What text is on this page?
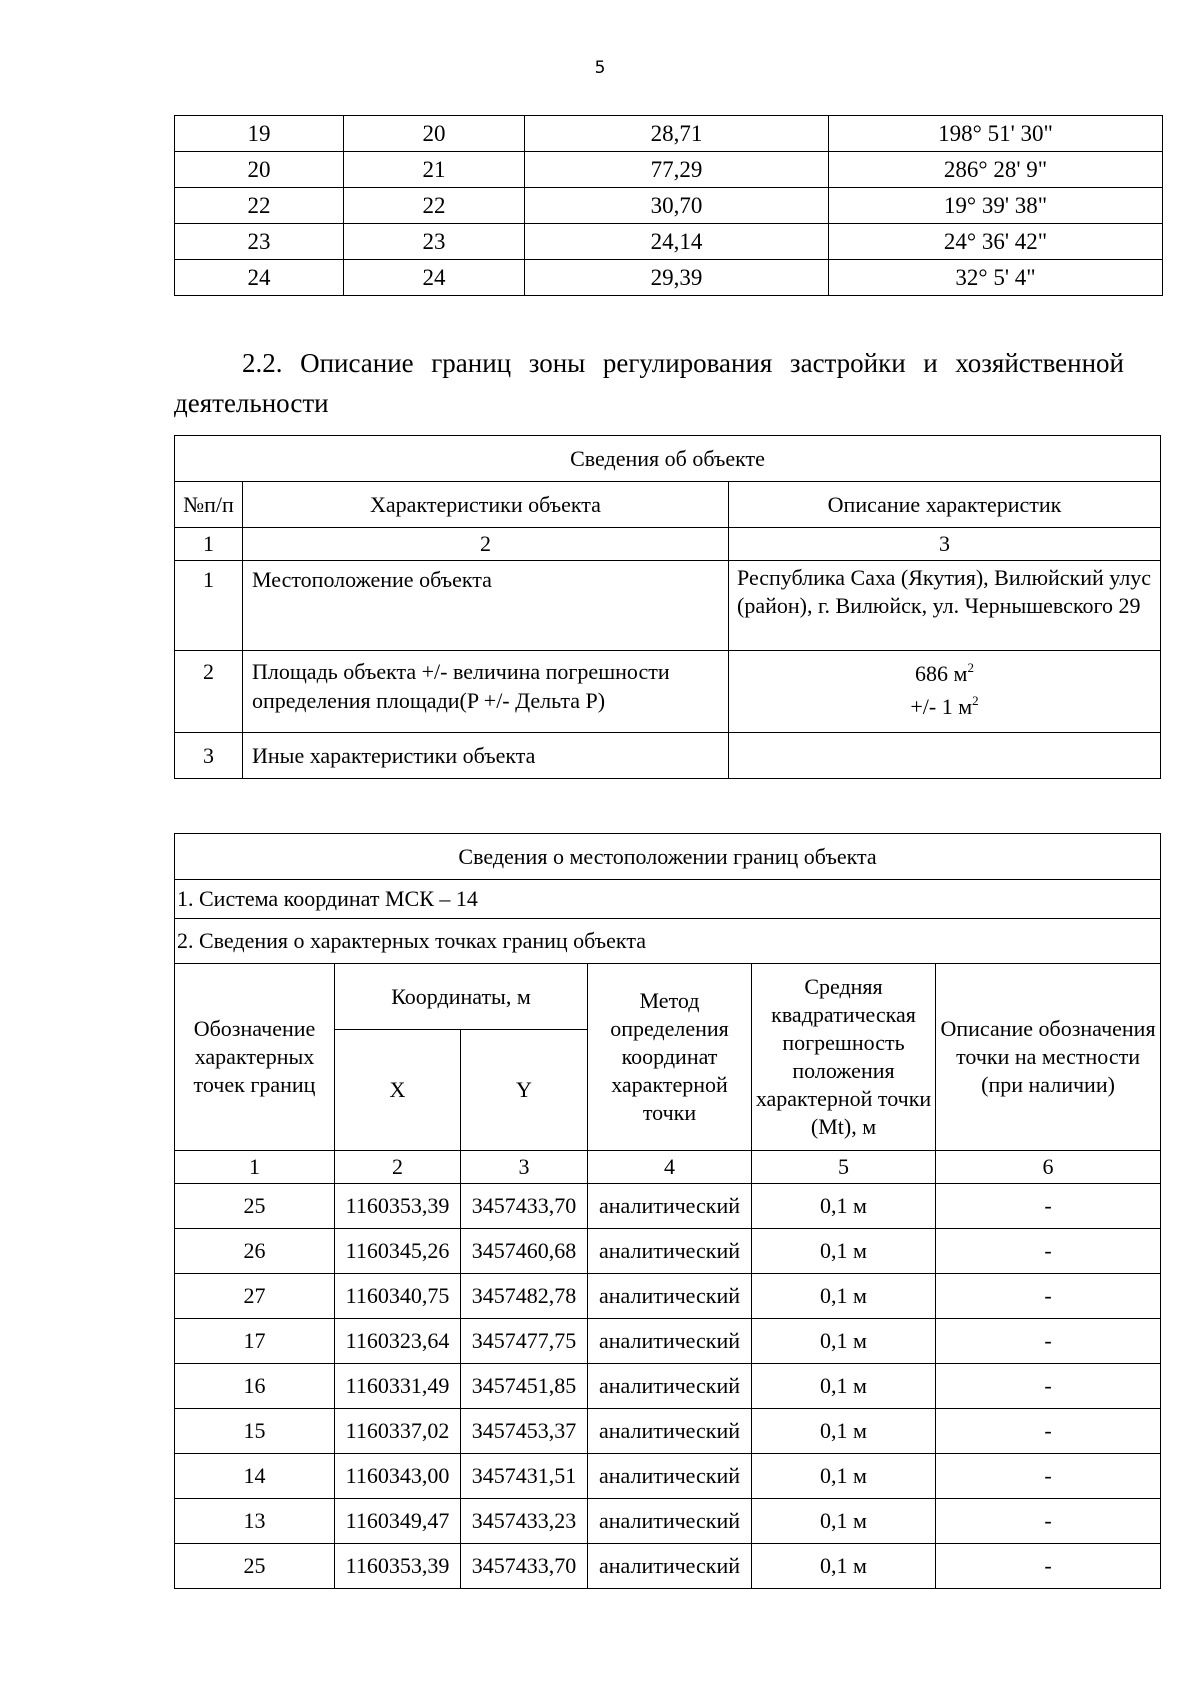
5
19	20	28,71	198° 51' 30"
20	21	77,29	286° 28' 9"
22	22	30,70	19° 39' 38"
23	23	24,14	24° 36' 42"
24	24	29,39	32° 5' 4"
2.2. Описание границ зоны регулирования застройки и хозяйственной деятельности
Сведения об объекте		
№п/п	Характеристики объекта	Описание характеристик
1	2	3
1	Местоположение объекта	Республика Саха (Якутия), Вилюйский улус (район), г. Вилюйск, ул. Чернышевского 29
2	Площадь объекта +/- величина погрешности определения площади(P +/- Дельта P)	686 $м^2$
+/- 1 $м^2$

3	Иные характеристики объекта	
Сведения о местоположении границ объекта					
1. Система координат МСК – 14					
2. Сведения о характерных точках границ объекта					
Обозначение характерных точек границ	Координаты, м		Метод определения координат характерной точки	Средняя квадратическая погрешность положения характерной точки (Mt), м	Описание обозначения точки на местности (при наличии)
	X	Y			
1	2	3	4	5	6
25	1160353,39	3457433,70	аналитический	0,1 м	-
26	1160345,26	3457460,68	аналитический	0,1 м	-
27	1160340,75	3457482,78	аналитический	0,1 м	-
17	1160323,64	3457477,75	аналитический	0,1 м	-
16	1160331,49	3457451,85	аналитический	0,1 м	-
15	1160337,02	3457453,37	аналитический	0,1 м	-
14	1160343,00	3457431,51	аналитический	0,1 м	-
13	1160349,47	3457433,23	аналитический	0,1 м	-
25	1160353,39	3457433,70	аналитический	0,1 м	-
